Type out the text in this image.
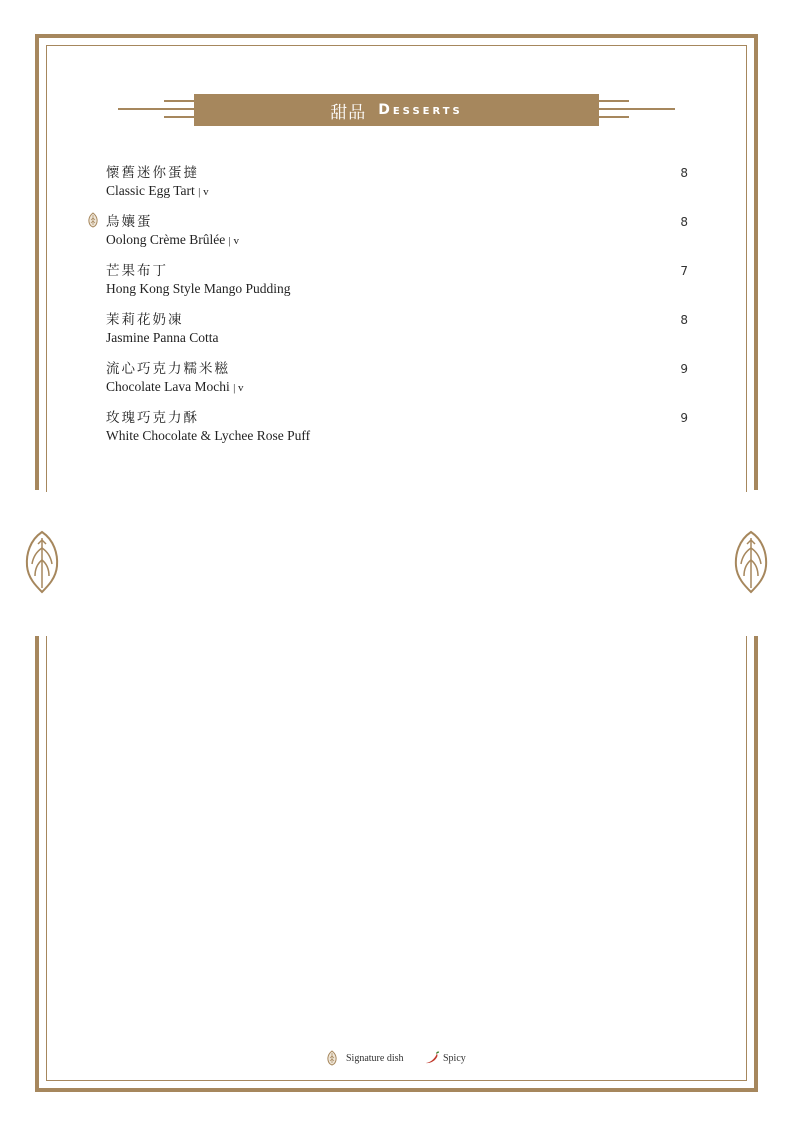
甜品 Desserts
懷舊迷你蛋撻
Classic Egg Tart | v
8
烏孃蛋
Oolong Crème Brûlée | v
8
芒果布丁
Hong Kong Style Mango Pudding
7
茉莉花奶凍
Jasmine Panna Cotta
8
流心巧克力糯米糍
Chocolate Lava Mochi | v
9
玫瑰巧克力酥
White Chocolate & Lychee Rose Puff
9
Signature dish	Spicy
